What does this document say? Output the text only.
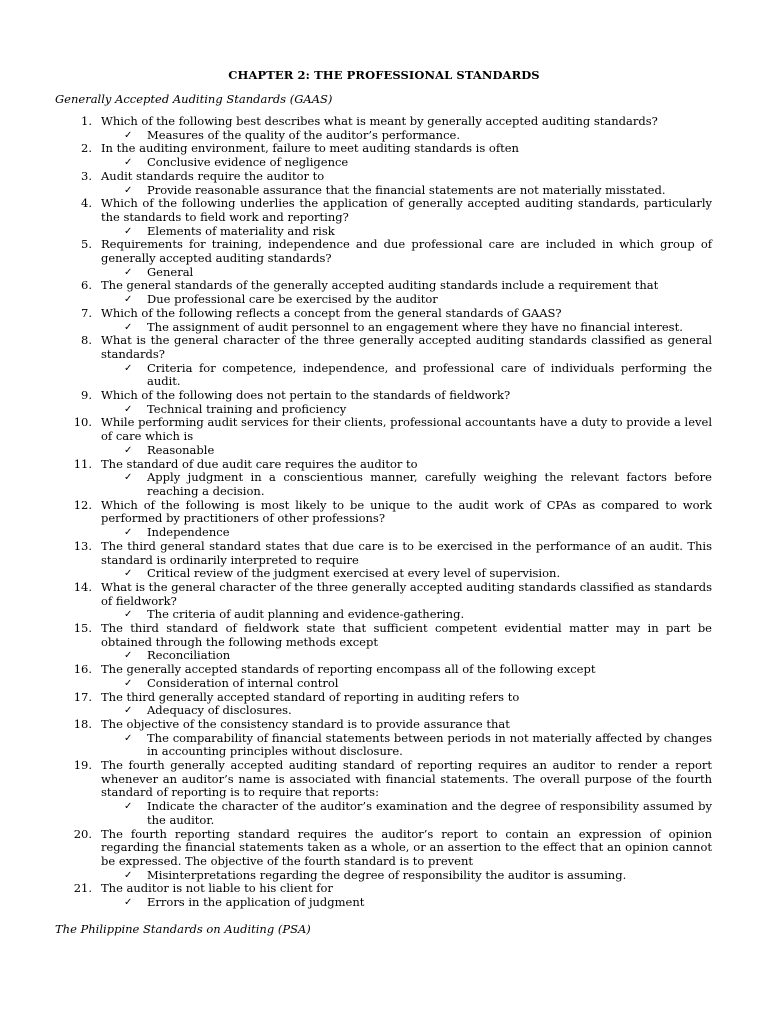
CHAPTER 2: THE PROFESSIONAL STANDARDS
Generally Accepted Auditing Standards (GAAS)
1. Which of the following best describes what is meant by generally accepted auditing standards?
✓ Measures of the quality of the auditor’s performance.
2. In the auditing environment, failure to meet auditing standards is often
✓ Conclusive evidence of negligence
3. Audit standards require the auditor to
✓ Provide reasonable assurance that the financial statements are not materially misstated.
4. Which of the following underlies the application of generally accepted auditing standards, particularly the standards to field work and reporting?
✓ Elements of materiality and risk
5. Requirements for training, independence and due professional care are included in which group of generally accepted auditing standards?
✓ General
6. The general standards of the generally accepted auditing standards include a requirement that
✓ Due professional care be exercised by the auditor
7. Which of the following reflects a concept from the general standards of GAAS?
✓ The assignment of audit personnel to an engagement where they have no financial interest.
8. What is the general character of the three generally accepted auditing standards classified as general standards?
✓ Criteria for competence, independence, and professional care of individuals performing the audit.
9. Which of the following does not pertain to the standards of fieldwork?
✓ Technical training and proficiency
10. While performing audit services for their clients, professional accountants have a duty to provide a level of care which is
✓ Reasonable
11. The standard of due audit care requires the auditor to
✓ Apply judgment in a conscientious manner, carefully weighing the relevant factors before reaching a decision.
12. Which of the following is most likely to be unique to the audit work of CPAs as compared to work performed by practitioners of other professions?
✓ Independence
13. The third general standard states that due care is to be exercised in the performance of an audit. This standard is ordinarily interpreted to require
✓ Critical review of the judgment exercised at every level of supervision.
14. What is the general character of the three generally accepted auditing standards classified as standards of fieldwork?
✓ The criteria of audit planning and evidence-gathering.
15. The third standard of fieldwork state that sufficient competent evidential matter may in part be obtained through the following methods except
✓ Reconciliation
16. The generally accepted standards of reporting encompass all of the following except
✓ Consideration of internal control
17. The third generally accepted standard of reporting in auditing refers to
✓ Adequacy of disclosures.
18. The objective of the consistency standard is to provide assurance that
✓ The comparability of financial statements between periods in not materially affected by changes in accounting principles without disclosure.
19. The fourth generally accepted auditing standard of reporting requires an auditor to render a report whenever an auditor’s name is associated with financial statements. The overall purpose of the fourth standard of reporting is to require that reports:
✓ Indicate the character of the auditor’s examination and the degree of responsibility assumed by the auditor.
20. The fourth reporting standard requires the auditor’s report to contain an expression of opinion regarding the financial statements taken as a whole, or an assertion to the effect that an opinion cannot be expressed. The objective of the fourth standard is to prevent
✓ Misinterpretations regarding the degree of responsibility the auditor is assuming.
21. The auditor is not liable to his client for
✓ Errors in the application of judgment
The Philippine Standards on Auditing (PSA)
